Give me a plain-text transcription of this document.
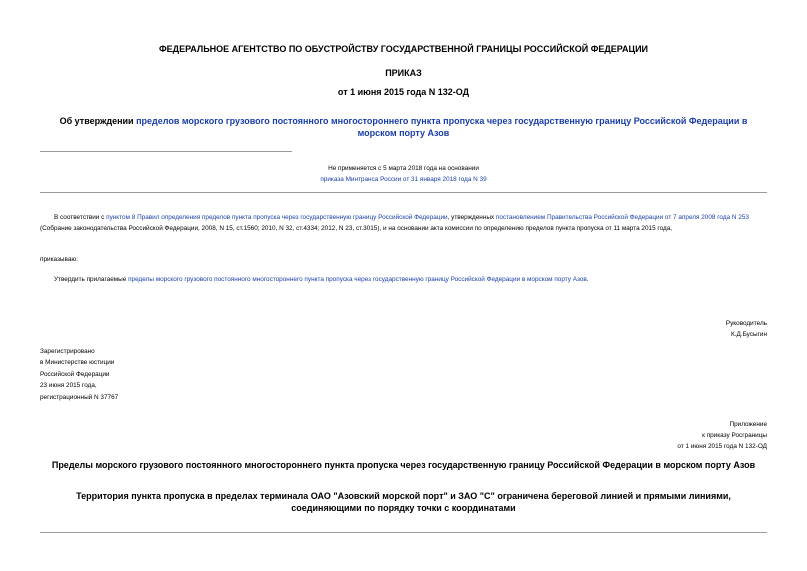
ФЕДЕРАЛЬНОЕ АГЕНТСТВО ПО ОБУСТРОЙСТВУ ГОСУДАРСТВЕННОЙ ГРАНИЦЫ РОССИЙСКОЙ ФЕДЕРАЦИИ
ПРИКАЗ
от 1 июня 2015 года N 132-ОД
Об утверждении пределов морского грузового постоянного многостороннего пункта пропуска через государственную границу Российской Федерации в морском порту Азов
Не применяется с 5 марта 2018 года на основании
приказа Минтранса России от 31 января 2018 года N 39
В соответствии с пунктом 8 Правил определения пределов пункта пропуска через государственную границу Российской Федерации, утвержденных постановлением Правительства Российской Федерации от 7 апреля 2008 года N 253 (Собрание законодательства Российской Федерации, 2008, N 15, ст.1560; 2010, N 32, ст.4334; 2012, N 23, ст.3015), и на основании акта комиссии по определению пределов пункта пропуска от 11 марта 2015 года,
приказываю:
Утвердить прилагаемые пределы морского грузового постоянного многостороннего пункта пропуска через государственную границу Российской Федерации в морском порту Азов.

Руководитель

К.Д.Бусыгин

Зарегистрировано

в Министерстве юстиции

Российской Федерации

23 июня 2015 года,

регистрационный N 37767

Приложение

к приказу Росграницы

от 1 июня 2015 года N 132-ОД

Пределы морского грузового постоянного многостороннего пункта пропуска через государственную границу Российской Федерации в морском порту Азов
Территория пункта пропуска в пределах терминала ОАО "Азовский морской порт" и ЗАО "С" ограничена береговой линией и прямыми линиями, соединяющими по порядку точки с координатами
